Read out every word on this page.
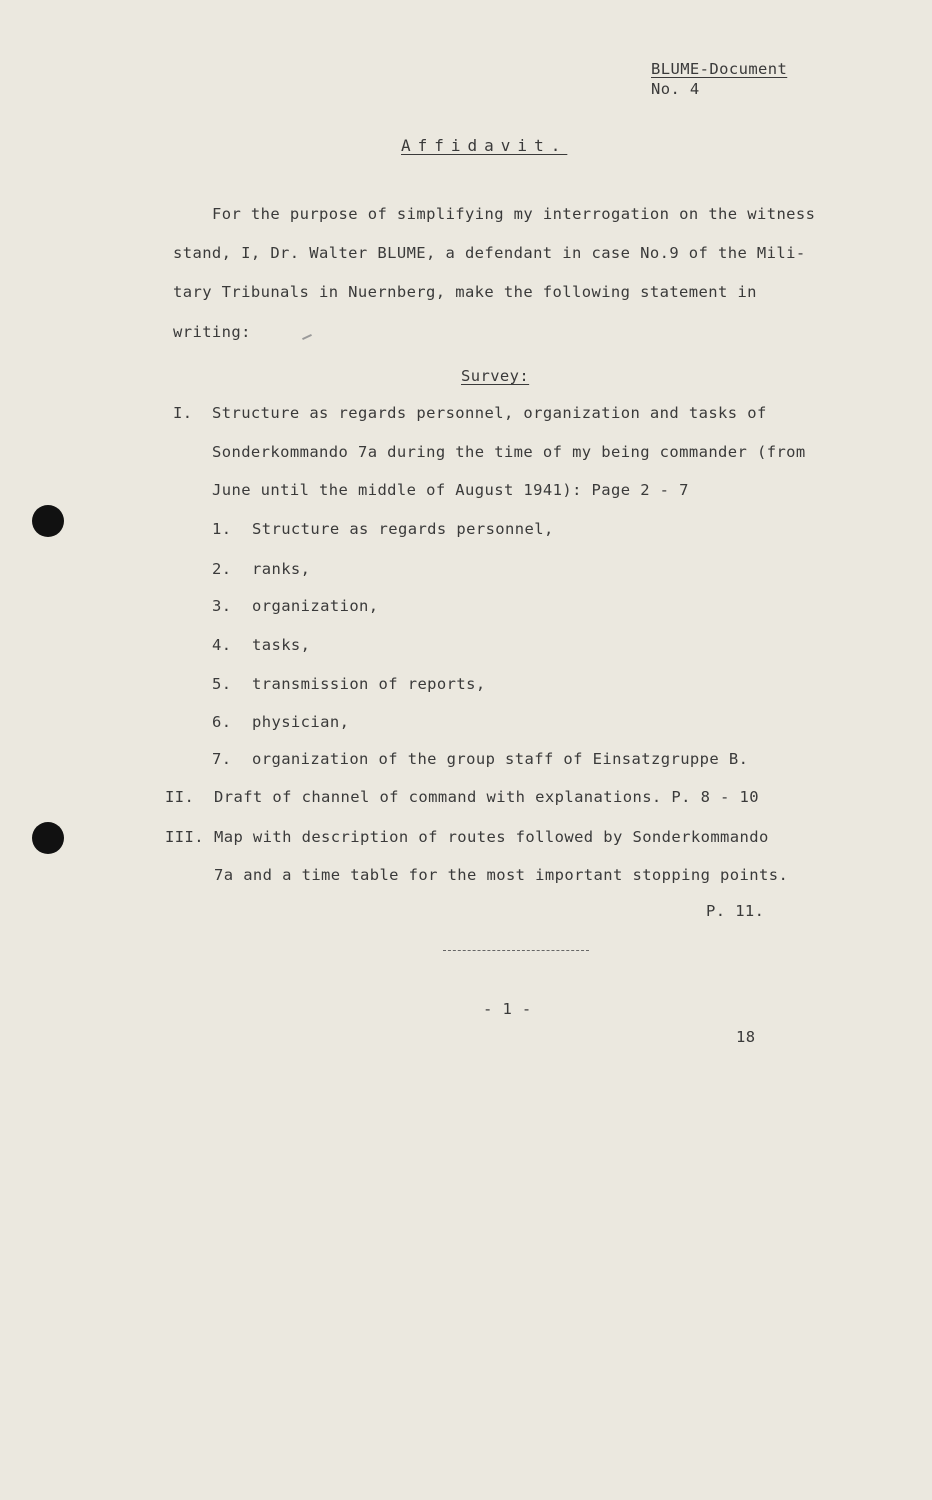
BLUME-Document
No. 4
Affidavit.
For the purpose of simplifying my interrogation on the witness
stand, I, Dr. Walter BLUME, a defendant in case No.9 of the Mili-
tary Tribunals in Nuernberg, make the following statement in
writing:
Survey:
I. Structure as regards personnel, organization and tasks of
Sonderkommando 7a during the time of my being commander (from
June until the middle of August 1941): Page 2 - 7
1. Structure as regards personnel,
2. ranks,
3. organization,
4. tasks,
5. transmission of reports,
6. physician,
7. organization of the group staff of Einsatzgruppe B.
II. Draft of channel of command with explanations. P. 8 - 10
III. Map with description of routes followed by Sonderkommando
7a and a time table for the most important stopping points.
P. 11.
- 1 -
18
